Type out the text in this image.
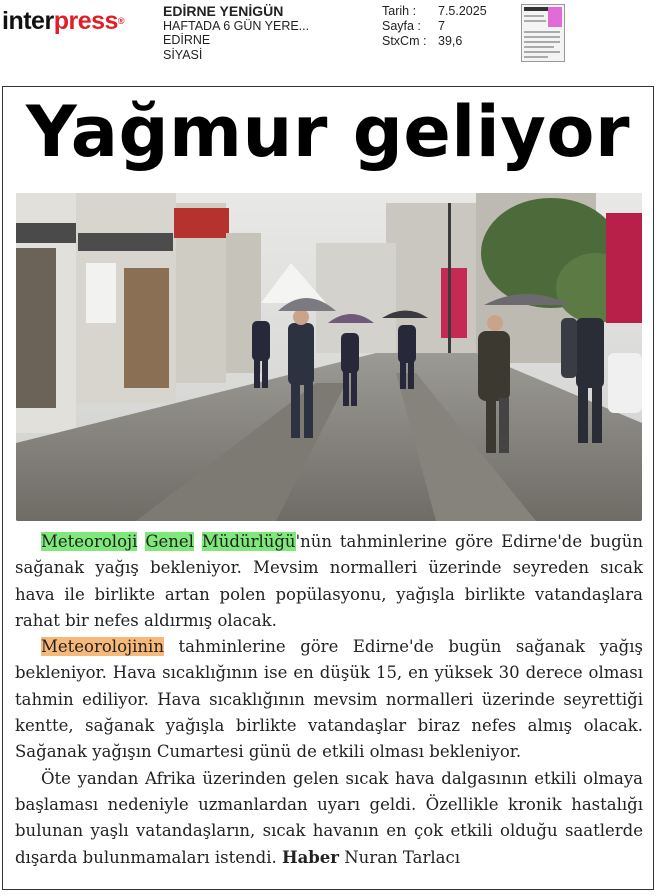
interpress®
EDİRNE YENİGÜN
HAFTADA 6 GÜN YERE...
EDİRNE
SİYASİ
Tarih :	7.5.2025
Sayfa :	7
StxCm : 39,6
Yağmur geliyor

Meteoroloji Genel Müdürlüğü'nün tahminlerine göre Edirne'de bugün sağanak yağış bekleniyor. Mevsim normalleri üzerinde seyreden sıcak hava ile birlikte artan polen popülasyonu, yağışla birlikte vatandaşlara rahat bir nefes aldırmış olacak.

Meteorolojinin tahminlerine göre Edirne'de bugün sağanak yağış bekleniyor. Hava sıcaklığının ise en düşük 15, en yüksek 30 derece olması tahmin ediliyor. Hava sıcaklığının mevsim normalleri üzerinde seyrettiği kentte, sağanak yağışla birlikte vatandaşlar biraz nefes almış olacak. Sağanak yağışın Cumartesi günü de etkili olması bekleniyor.

Öte yandan Afrika üzerinden gelen sıcak hava dalgasının etkili olmaya başlaması nedeniyle uzmanlardan uyarı geldi. Özellikle kronik hastalığı bulunan yaşlı vatandaşların, sıcak havanın en çok etkili olduğu saatlerde dışarda bulunmamaları istendi. Haber Nuran Tarlacı
